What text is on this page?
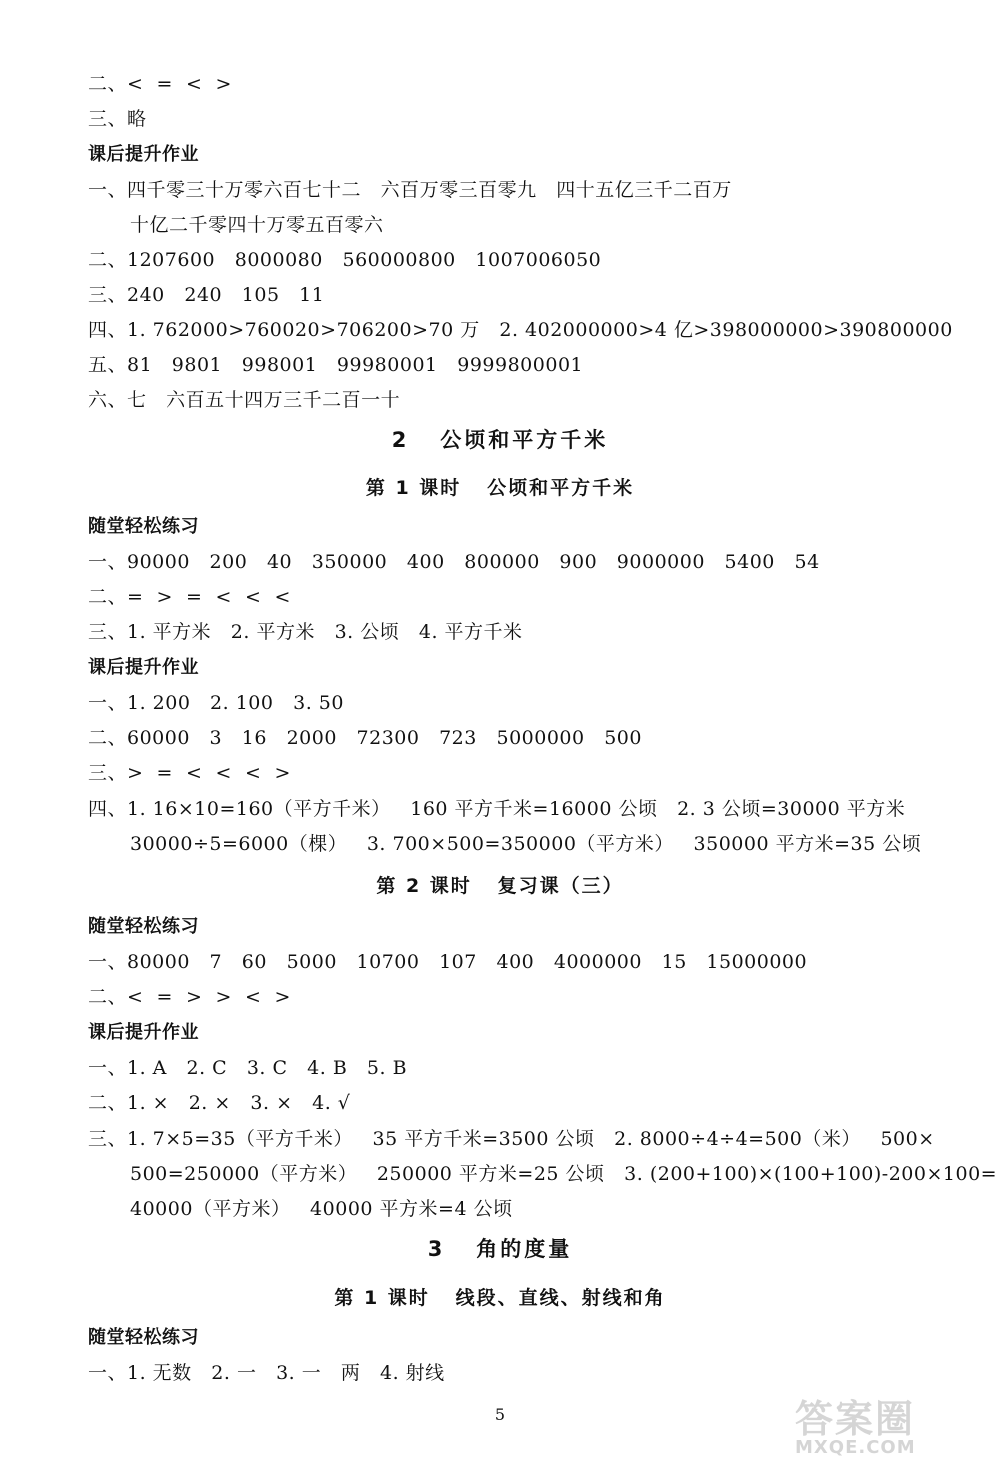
二、<  =  <  >
三、略
课后提升作业
一、四千零三十万零六百七十二   六百万零三百零九   四十五亿三千二百万
十亿二千零四十万零五百零六
二、1207600   8000080   560000800   1007006050
三、240   240   105   11
四、1. 762000>760020>706200>70 万   2. 402000000>4 亿>398000000>390800000
五、81   9801   998001   99980001   9999800001
六、七   六百五十四万三千二百一十
2   公顷和平方千米
第 1 课时   公顷和平方千米
随堂轻松练习
一、90000   200   40   350000   400   800000   900   9000000   5400   54
二、=  >  =  <  <  <
三、1. 平方米   2. 平方米   3. 公顷   4. 平方千米
课后提升作业
一、1. 200   2. 100   3. 50
二、60000   3   16   2000   72300   723   5000000   500
三、>  =  <  <  <  >
四、1. 16×10=160（平方千米）   160 平方千米=16000 公顷   2. 3 公顷=30000 平方米
30000÷5=6000（棵）   3. 700×500=350000（平方米）   350000 平方米=35 公顷
第 2 课时   复习课（三）
随堂轻松练习
一、80000   7   60   5000   10700   107   400   4000000   15   15000000
二、<  =  >  >  <  >
课后提升作业
一、1. A   2. C   3. C   4. B   5. B
二、1. ×   2. ×   3. ×   4. √
三、1. 7×5=35（平方千米）   35 平方千米=3500 公顷   2. 8000÷4÷4=500（米）   500×
500=250000（平方米）   250000 平方米=25 公顷   3. (200+100)×(100+100)-200×100=
40000（平方米）   40000 平方米=4 公顷
3   角的度量
第 1 课时   线段、直线、射线和角
随堂轻松练习
一、1. 无数   2. 一   3. 一   两   4. 射线
5	答案圈
MXQE.COM
